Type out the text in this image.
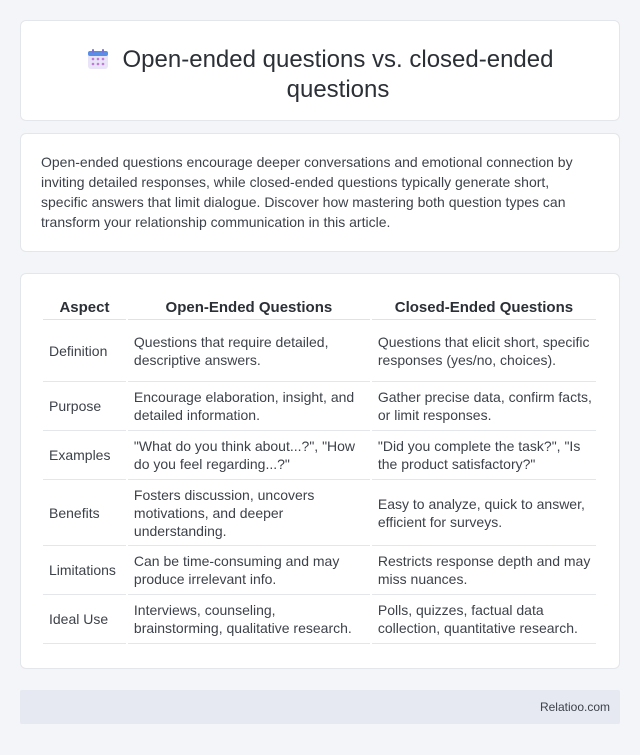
Open-ended questions vs. closed-ended questions

Open-ended questions encourage deeper conversations and emotional connection by inviting detailed responses, while closed-ended questions typically generate short, specific answers that limit dialogue. Discover how mastering both question types can transform your relationship communication in this article.

Aspect	Open-Ended Questions	Closed-Ended Questions
Definition	Questions that require detailed, descriptive answers.	Questions that elicit short, specific responses (yes/no, choices).
Purpose	Encourage elaboration, insight, and detailed information.	Gather precise data, confirm facts, or limit responses.
Examples	"What do you think about...?", "How do you feel regarding...?"	"Did you complete the task?", "Is the product satisfactory?"
Benefits	Fosters discussion, uncovers motivations, and deeper understanding.	Easy to analyze, quick to answer, efficient for surveys.
Limitations	Can be time-consuming and may produce irrelevant info.	Restricts response depth and may miss nuances.
Ideal Use	Interviews, counseling, brainstorming, qualitative research.	Polls, quizzes, factual data collection, quantitative research.
Relatioo.com
